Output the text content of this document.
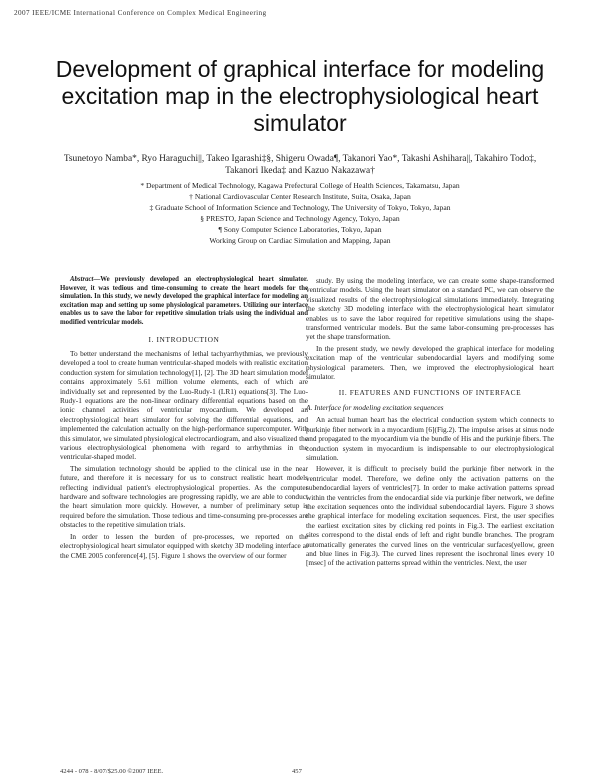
2007 IEEE/ICME International Conference on Complex Medical Engineering
Development of graphical interface for modeling excitation map in the electrophysiological heart simulator
Tsunetoyo Namba*, Ryo Haraguchi||, Takeo Igarashi‡§, Shigeru Owada¶, Takanori Yao*, Takashi Ashihara||, Takahiro Todo‡, Takanori Ikeda‡ and Kazuo Nakazawa†
* Department of Medical Technology, Kagawa Prefectural College of Health Sciences, Takamatsu, Japan
† National Cardiovascular Center Research Institute, Suita, Osaka, Japan
‡ Graduate School of Information Science and Technology, The University of Tokyo, Tokyo, Japan
§ PRESTO, Japan Science and Technology Agency, Tokyo, Japan
¶ Sony Computer Science Laboratories, Tokyo, Japan
Working Group on Cardiac Simulation and Mapping, Japan

Abstract—We previously developed an electrophysiological heart simulator. However, it was tedious and time-consuming to create the heart models for the simulation. In this study, we newly developed the graphical interface for modeling an excitation map and setting up some physiological parameters. Utilizing our interface enables us to save the labor for repetitive simulation trials using the individual and modified ventricular models.

I. INTRODUCTION

To better understand the mechanisms of lethal tachyarrhythmias, we previously developed a tool to create human ventricular-shaped models with realistic excitation conduction system for simulation technology[1], [2]. The 3D heart simulation model contains approximately 5.61 million volume elements, each of which are individually set and represented by the Luo-Rudy-1 (LR1) equations[3]. The Luo-Rudy-1 equations are the non-linear ordinary differential equations based on the ionic channel activities of ventricular myocardium. We developed an electrophysiological heart simulator for solving the differential equations, and implemented the calculation actually on the high-performance supercomputer. With this simulator, we simulated physiological electrocardiogram, and also visualized the various electrophysiological phenomena with regard to arrhythmias in the ventricular-shaped model.

The simulation technology should be applied to the clinical use in the near future, and therefore it is necessary for us to construct realistic heart models reflecting individual patient's electrophysiological properties. As the computer hardware and software technologies are progressing rapidly, we are able to conduct the heart simulation more quickly. However, a number of preliminary setup is required before the simulation. Those tedious and time-consuming pre-processes are obstacles to the repetitive simulation trials.

In order to lessen the burden of pre-processes, we reported on the electrophysiological heart simulator equipped with sketchy 3D modeling interface at the CME 2005 conference[4], [5]. Figure 1 shows the overview of our former

study. By using the modeling interface, we can create some shape-transformed ventricular models. Using the heart simulator on a standard PC, we can observe the visualized results of the electrophysiological simulations immediately. Integrating the sketchy 3D modeling interface with the electrophysiological heart simulator enables us to save the labor required for repetitive simulations using the shape-transformed ventricular models. But the same labor-consuming pre-processes has yet the shape transformation.

In the present study, we newly developed the graphical interface for modeling excitation map of the ventricular subendocardial layers and modifying some physiological parameters. Then, we improved the electrophysiological heart simulator.

II. FEATURES AND FUNCTIONS OF INTERFACE
A. Interface for modeling excitation sequences

An actual human heart has the electrical conduction system which connects to purkinje fiber network in a myocardium [6](Fig.2). The impulse arises at sinus node and propagated to the myocardium via the bundle of His and the purkinje fibers. The conduction system in myocardium is indispensable to our electrophysiological simulation.

However, it is difficult to precisely build the purkinje fiber network in the ventricular model. Therefore, we define only the activation patterns on the subendocardial layers of ventricles[7]. In order to make activation patterns spread within the ventricles from the endocardial side via purkinje fiber network, we define the excitation sequences onto the individual subendocardial layers. Figure 3 shows the graphical interface for modeling excitation sequences. First, the user specifies the earliest excitation sites by clicking red points in Fig.3. The earliest excitation sites correspond to the distal ends of left and right bundle branches. The program automatically generates the curved lines on the ventricular surfaces(yellow, green and blue lines in Fig.3). The curved lines represent the isochronal lines every 10 [msec] of the activation patterns spread within the ventricles. Next, the user

4244 - 078 - 8/07/$25.00 ©2007 IEEE.	457
